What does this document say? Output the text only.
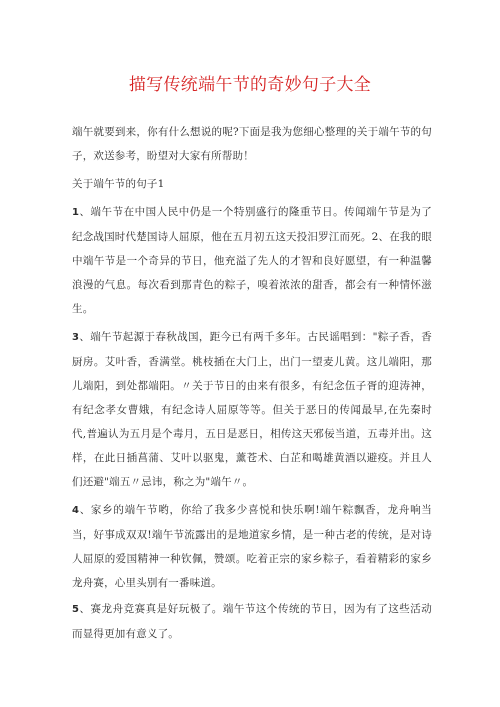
描写传统端午节的奇妙句子大全

端午就要到来，你有什么想说的呢?下面是我为您细心整理的关于端午节的句子，欢送参考，盼望对大家有所帮助！

关于端午节的句子1

1、端午节在中国人民中仍是一个特别盛行的隆重节日。传闻端午节是为了纪念战国时代楚国诗人屈原，他在五月初五这天投汨罗江而死。2、在我的眼中端午节是一个奇异的节日，他充溢了先人的才智和良好愿望，有一种温馨浪漫的气息。每次看到那青色的粽子，嗅着浓浓的甜香，都会有一种情怀滋生。

3、端午节起源于春秋战国，距今已有两千多年。古民谣唱到："粽子香，香厨房。艾叶香，香满堂。桃枝插在大门上，出门一望麦儿黄。这儿端阳，那儿端阳，到处都端阳。〃关于节日的由来有很多，有纪念伍子胥的迎涛神，有纪念孝女曹娥，有纪念诗人屈原等等。但关于恶日的传闻最早,在先秦时代,普遍认为五月是个毒月，五日是恶日，相传这天邪佞当道，五毒并出。这样，在此日插菖蒲、艾叶以驱鬼，薰苍术、白芷和喝雄黄酒以避疫。并且人们还避"端五〃忌讳，称之为"端午〃。

4、家乡的端午节哟，你给了我多少喜悦和快乐啊!端午粽飘香，龙舟响当当，好事成双双!端午节流露出的是地道家乡情，是一种古老的传统，是对诗人屈原的爱国精神一种钦佩，赞颂。吃着正宗的家乡粽子，看着精彩的家乡龙舟赛，心里头别有一番味道。

5、赛龙舟竞赛真是好玩极了。端午节这个传统的节日，因为有了这些活动而显得更加有意义了。
